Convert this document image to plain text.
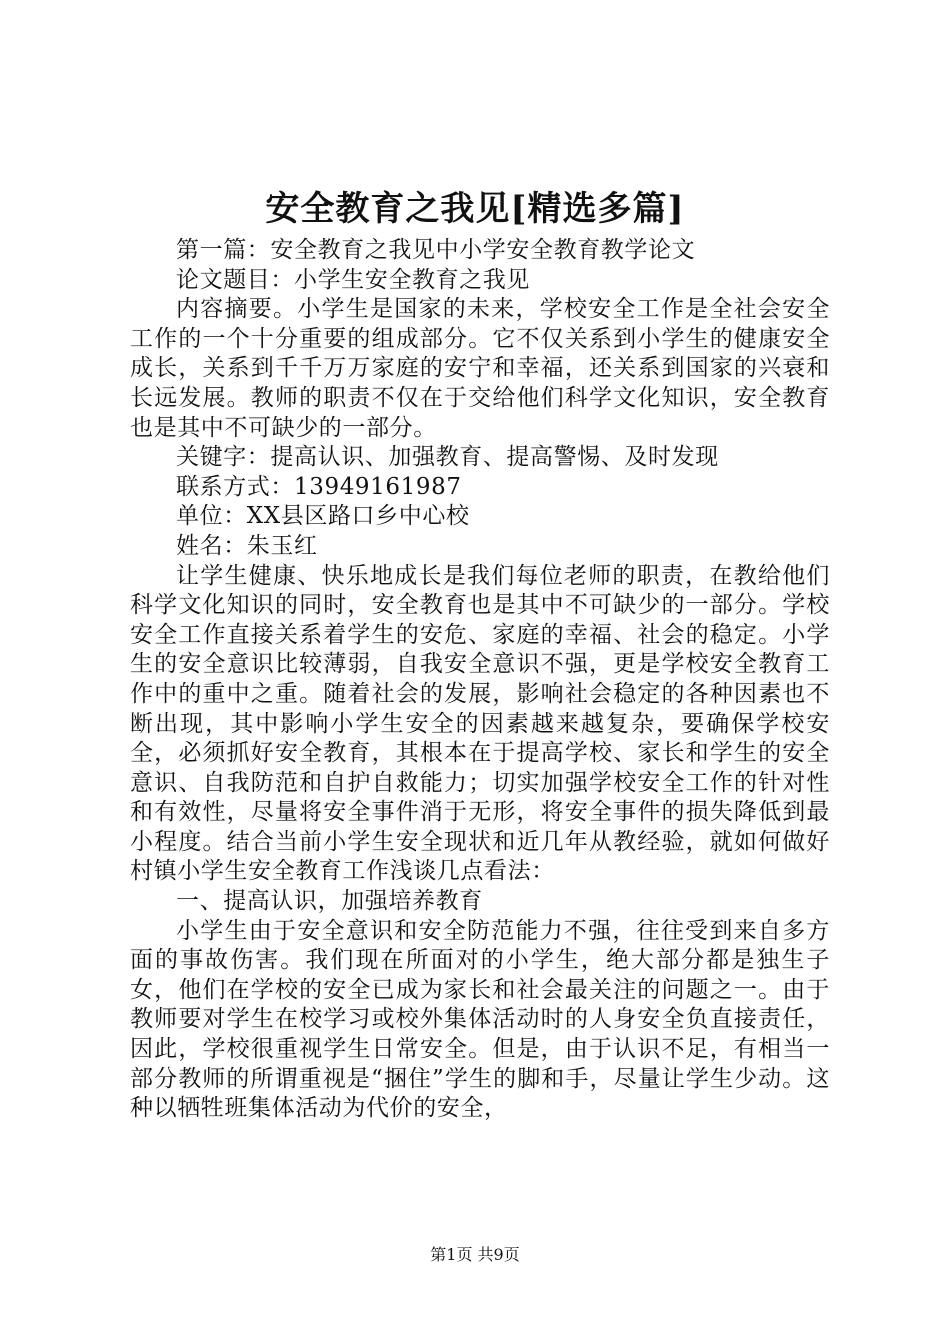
安全教育之我见[精选多篇]

第一篇：安全教育之我见中小学安全教育教学论文

论文题目：小学生安全教育之我见

内容摘要。小学生是国家的未来，学校安全工作是全社会安全工作的一个十分重要的组成部分。它不仅关系到小学生的健康安全成长，关系到千千万万家庭的安宁和幸福，还关系到国家的兴衰和长远发展。教师的职责不仅在于交给他们科学文化知识，安全教育也是其中不可缺少的一部分。

关键字：提高认识、加强教育、提高警惕、及时发现

联系方式：13949161987

单位：XX县区路口乡中心校

姓名：朱玉红

让学生健康、快乐地成长是我们每位老师的职责，在教给他们科学文化知识的同时，安全教育也是其中不可缺少的一部分。学校安全工作直接关系着学生的安危、家庭的幸福、社会的稳定。小学生的安全意识比较薄弱，自我安全意识不强，更是学校安全教育工作中的重中之重。随着社会的发展，影响社会稳定的各种因素也不断出现，其中影响小学生安全的因素越来越复杂，要确保学校安全，必须抓好安全教育，其根本在于提高学校、家长和学生的安全意识、自我防范和自护自救能力；切实加强学校安全工作的针对性和有效性，尽量将安全事件消于无形，将安全事件的损失降低到最小程度。结合当前小学生安全现状和近几年从教经验，就如何做好村镇小学生安全教育工作浅谈几点看法：

一、提高认识，加强培养教育

小学生由于安全意识和安全防范能力不强，往往受到来自多方面的事故伤害。我们现在所面对的小学生，绝大部分都是独生子女，他们在学校的安全已成为家长和社会最关注的问题之一。由于教师要对学生在校学习或校外集体活动时的人身安全负直接责任，因此，学校很重视学生日常安全。但是，由于认识不足，有相当一部分教师的所谓重视是“捆住”学生的脚和手，尽量让学生少动。这种以牺牲班集体活动为代价的安全，

第1页 共9页
